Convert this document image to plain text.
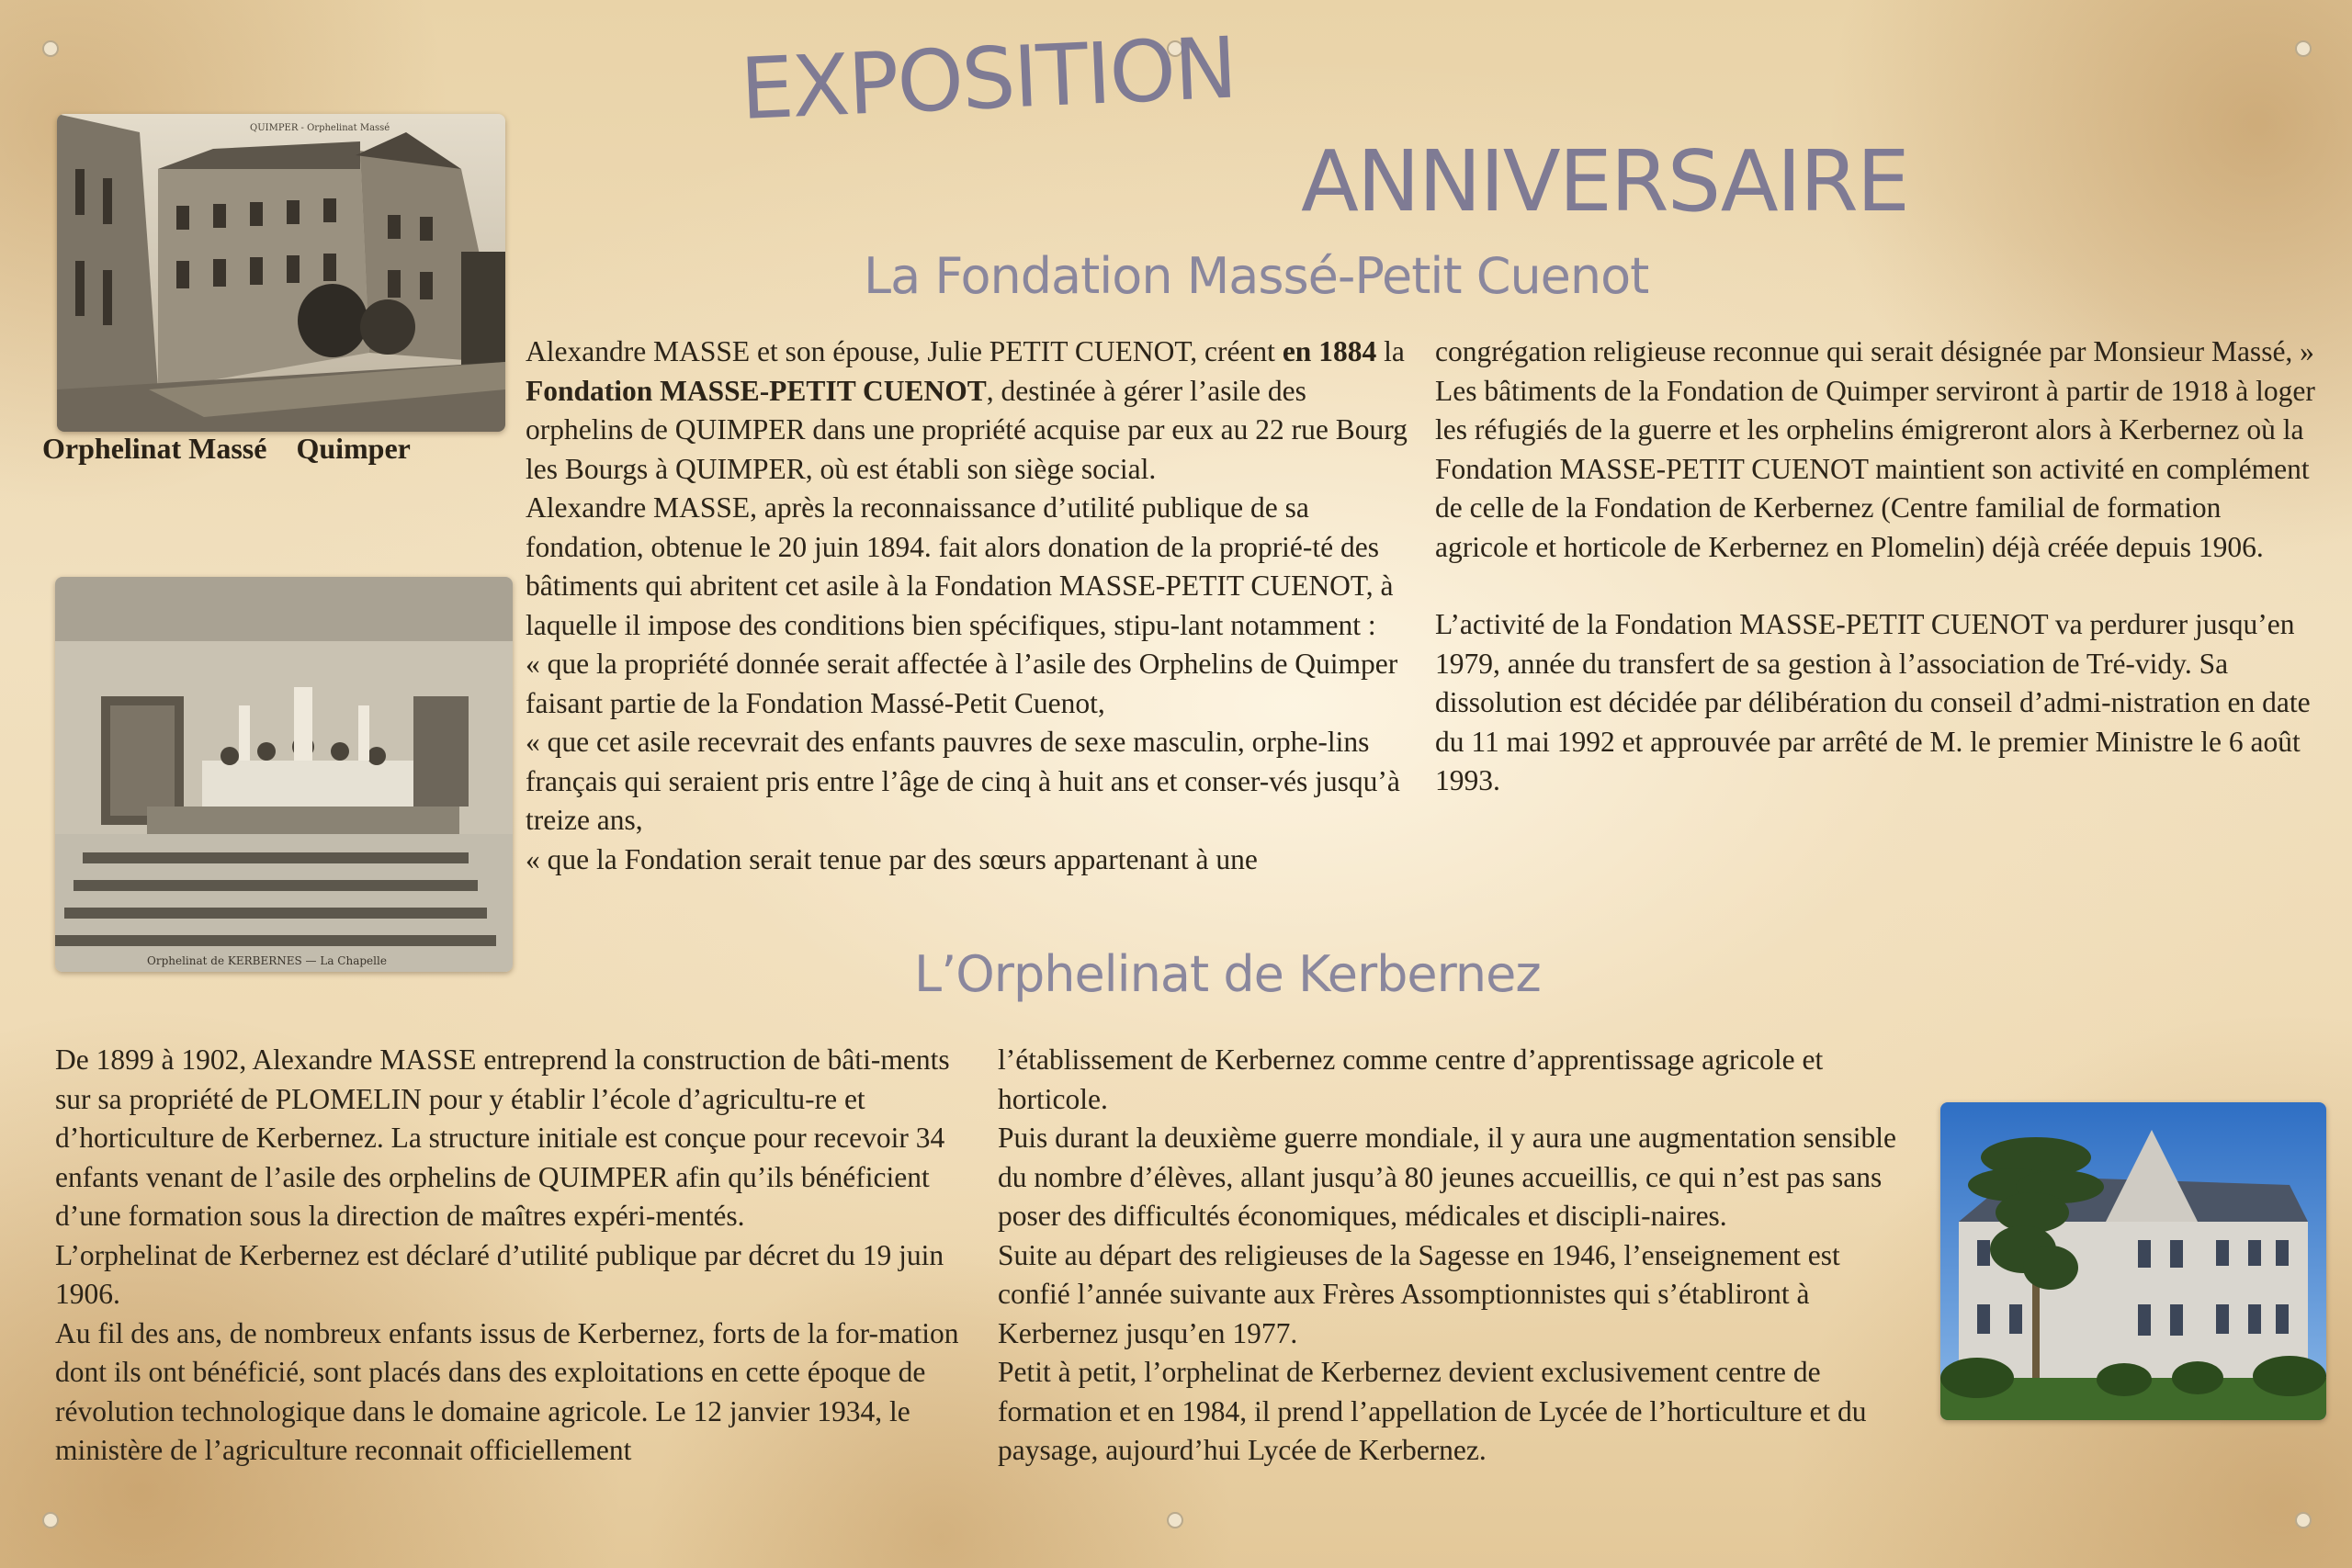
EXPOSITION
ANNIVERSAIRE
La Fondation Massé-Petit Cuenot
L’Orphelinat de Kerbernez
QUIMPER - Orphelinat Massé

Orphelinat Massé    Quimper

Orphelinat de KERBERNES — La Chapelle

Alexandre MASSE et son épouse, Julie PETIT CUENOT, créent en 1884 la Fondation MASSE-PETIT CUENOT, destinée à gérer l’asile des orphelins de QUIMPER dans une propriété acquise par eux au 22 rue Bourg les Bourgs à QUIMPER, où est établi son siège social.

Alexandre MASSE, après la reconnaissance d’utilité publique de sa fondation, obtenue le 20 juin 1894. fait alors donation de la proprié-té des bâtiments qui abritent cet asile à la Fondation MASSE-PETIT CUENOT, à laquelle il impose des conditions bien spécifiques, stipu-lant notamment :

« que la propriété donnée serait affectée à l’asile des Orphelins de Quimper faisant partie de la Fondation Massé-Petit Cuenot,

« que cet asile recevrait des enfants pauvres de sexe masculin, orphe-lins français qui seraient pris entre l’âge de cinq à huit ans et conser-vés jusqu’à treize ans,

« que la Fondation serait tenue par des sœurs appartenant à une

congrégation religieuse reconnue qui serait désignée par Monsieur Massé, »

Les bâtiments de la Fondation de Quimper serviront à partir de 1918 à loger les réfugiés de la guerre et les orphelins émigreront alors à Kerbernez où la Fondation MASSE-PETIT CUENOT maintient son activité en complément de celle de la Fondation de Kerbernez (Centre familial de formation agricole et horticole de Kerbernez en Plomelin) déjà créée depuis 1906.

L’activité de la Fondation MASSE-PETIT CUENOT va perdurer jusqu’en 1979, année du transfert de sa gestion à l’association de Tré-vidy. Sa dissolution est décidée par délibération du conseil d’admi-nistration en date du 11 mai 1992 et approuvée par arrêté de M. le premier Ministre le 6 août 1993.

De 1899 à 1902, Alexandre MASSE entreprend la construction de bâti-ments sur sa propriété de PLOMELIN pour y établir l’école d’agricultu-re et d’horticulture de Kerbernez. La structure initiale est conçue pour recevoir 34 enfants venant de l’asile des orphelins de QUIMPER afin qu’ils bénéficient d’une formation sous la direction de maîtres expéri-mentés.

L’orphelinat de Kerbernez est déclaré d’utilité publique par décret du 19 juin 1906.

Au fil des ans, de nombreux enfants issus de Kerbernez, forts de la for-mation dont ils ont bénéficié, sont placés dans des exploitations en cette époque de révolution technologique dans le domaine agricole. Le 12 janvier 1934, le ministère de l’agriculture reconnait officiellement

l’établissement de Kerbernez comme centre d’apprentissage agricole et horticole.

Puis durant la deuxième guerre mondiale, il y aura une augmentation sensible du nombre d’élèves, allant jusqu’à 80 jeunes accueillis, ce qui n’est pas sans poser des difficultés économiques, médicales et discipli-naires.

Suite au départ des religieuses de la Sagesse en 1946, l’enseignement est confié l’année suivante aux Frères Assomptionnistes qui s’établiront à Kerbernez jusqu’en 1977.

Petit à petit, l’orphelinat de Kerbernez devient exclusivement centre de formation et en 1984, il prend l’appellation de Lycée de l’horticulture et du paysage, aujourd’hui Lycée de Kerbernez.
